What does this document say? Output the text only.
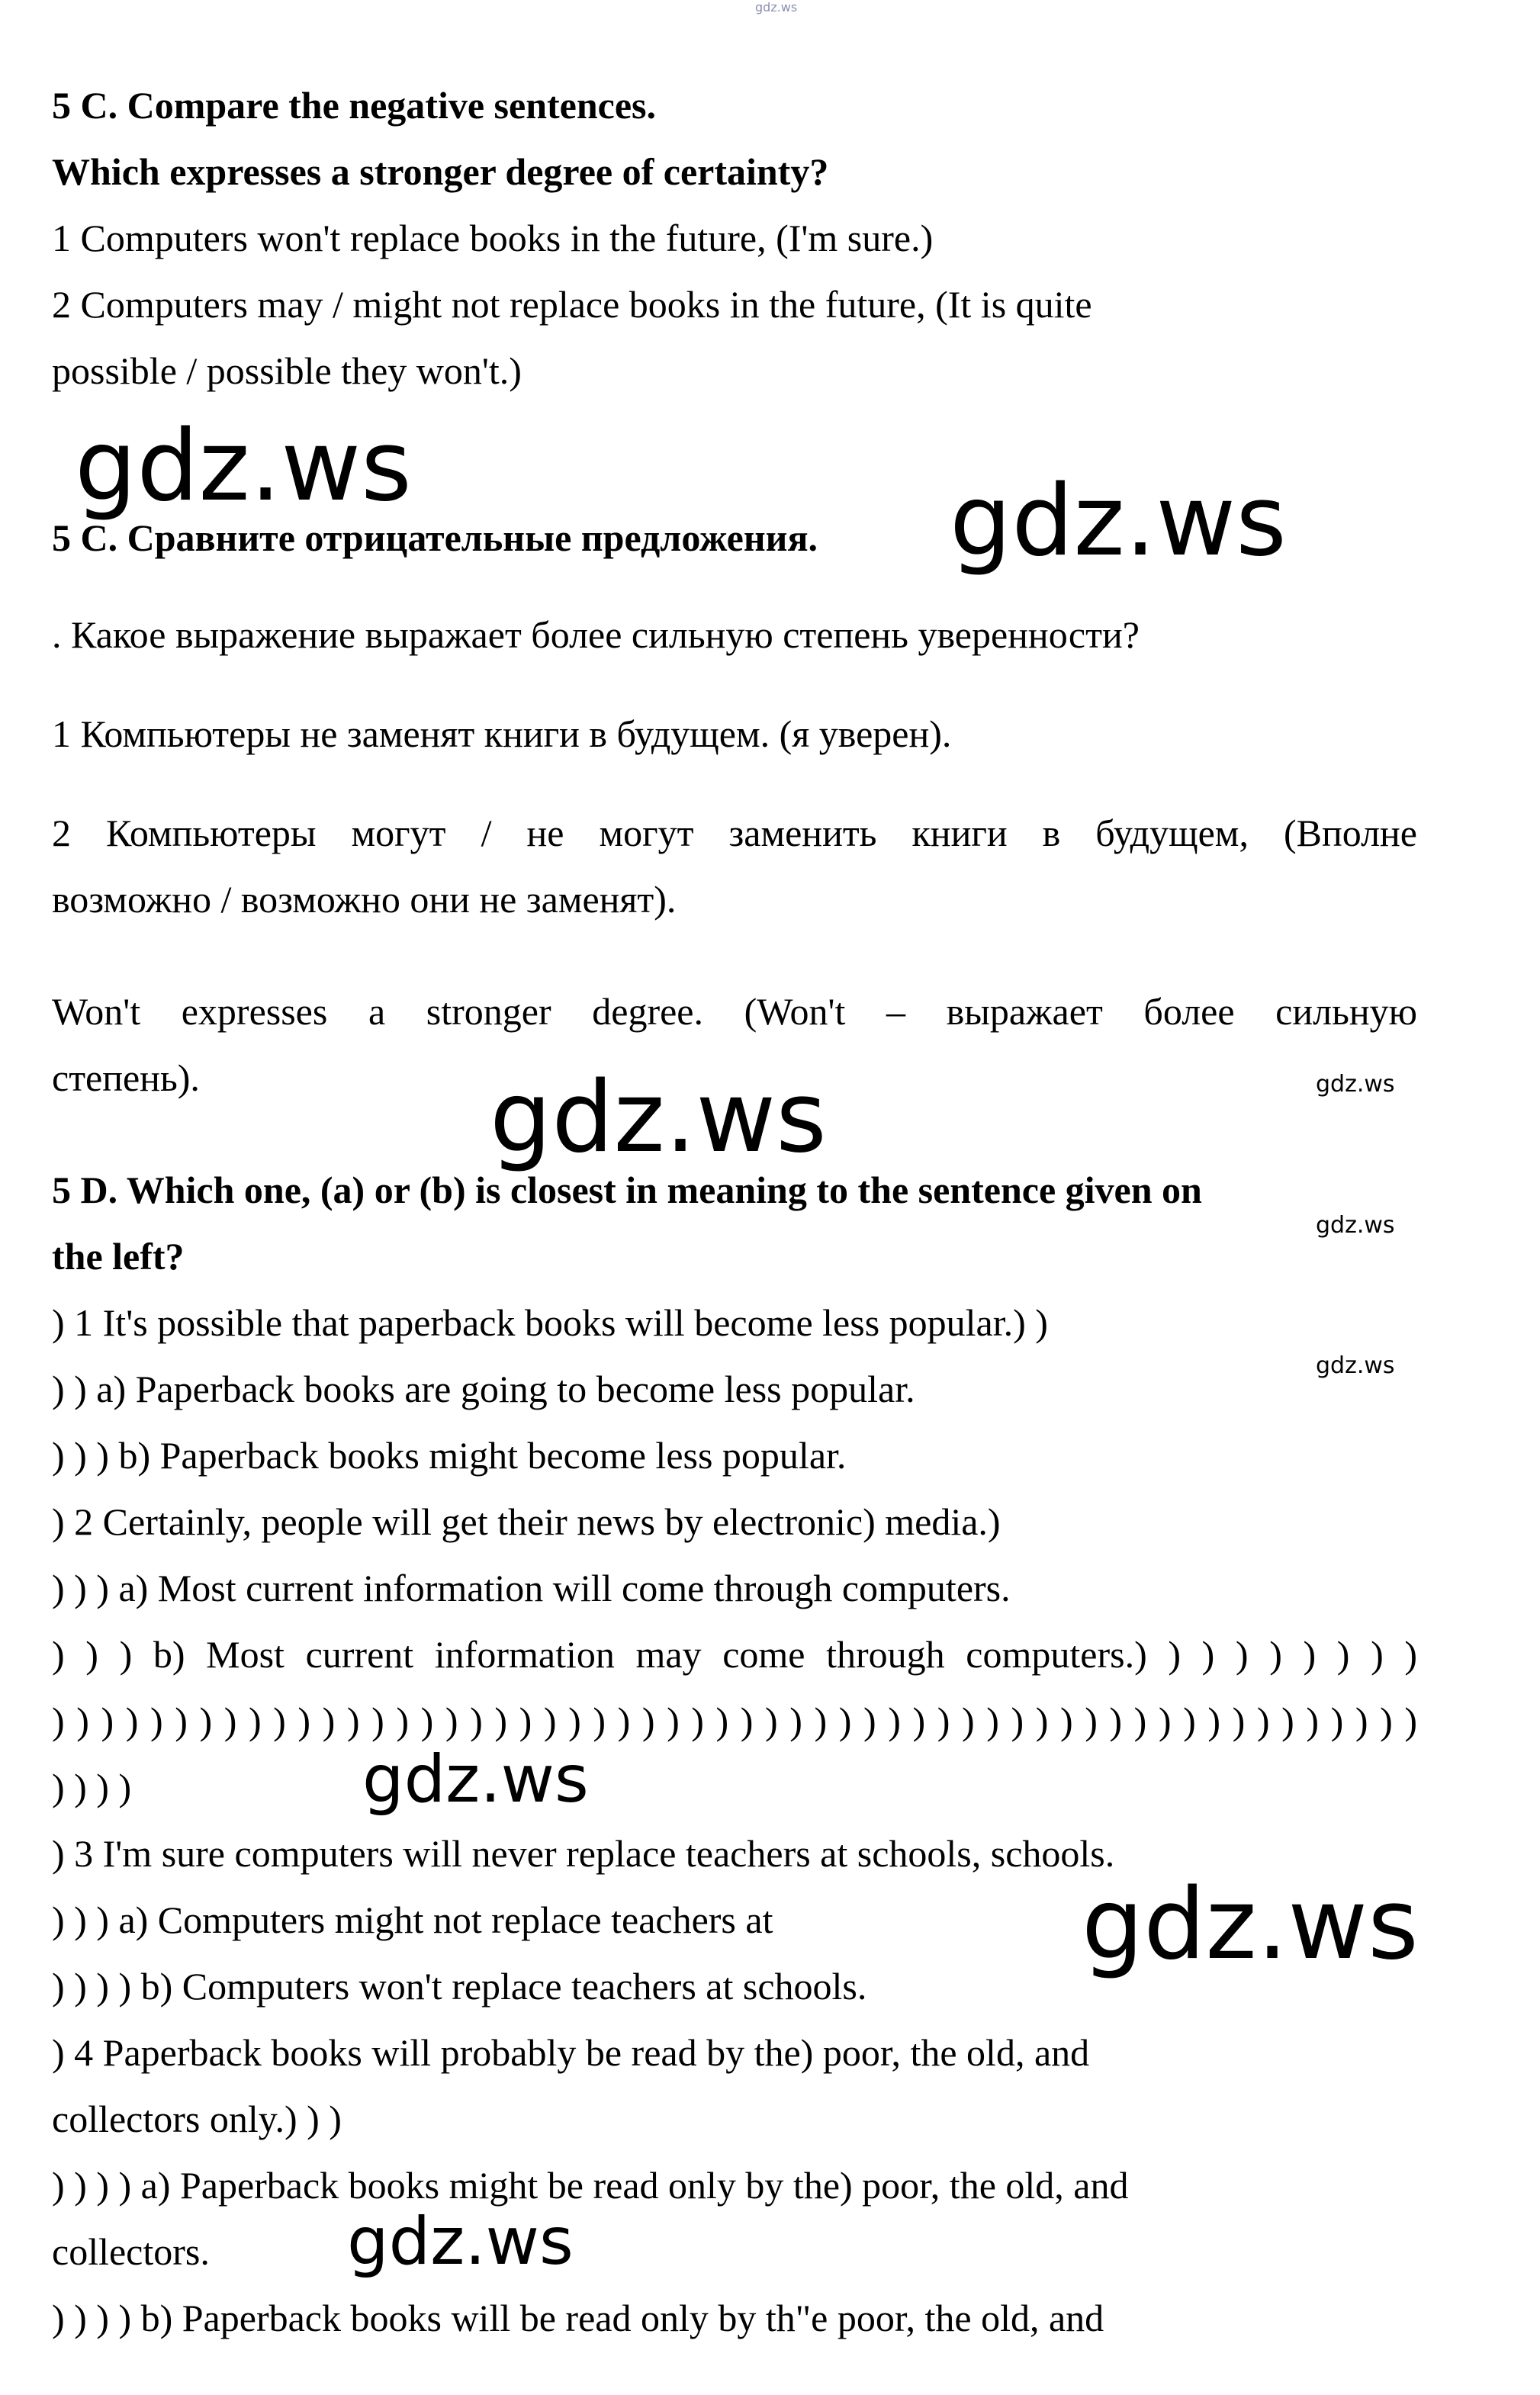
gdz.ws

5 C. Compare the negative sentences.

Which expresses a stronger degree of certainty?

1 Computers won't replace books in the future, (I'm sure.)

2 Computers may / might not replace books in the future, (It is quite

possible / possible they won't.)

gdz.ws

5 С. Сравните отрицательные предложения. gdz.ws

. Какое выражение выражает более сильную степень уверенности?

1 Компьютеры не заменят книги в будущем. (я уверен).

2 Компьютеры могут / не могут заменить книги в будущем, (Вполне

возможно / возможно они не заменят).

Won't expresses a stronger degree. (Won't – выражает более сильную

степень).	gdz.ws
gdz.ws

5 D. Which one, (a) or (b) is closest in meaning to the sentence given on

gdz.ws

the left?

) 1 It's possible that paperback books will become less popular.) )

gdz.ws

) ) a) Paperback books are going to become less popular.

) ) ) b) Paperback books might become less popular.

) 2 Certainly, people will get their news by electronic) media.)

) ) ) a) Most current information will come through computers.

) ) ) b) Most current information may come through computers.) ) ) ) ) ) ) ) )

) ) ) ) ) ) ) ) ) ) ) ) ) ) ) ) ) ) ) ) ) ) ) ) ) ) ) ) ) ) ) ) ) ) ) ) ) ) ) ) ) ) ) ) ) ) ) ) ) ) ) ) ) ) ) )

) ) ) )	gdz.ws

) 3 I'm sure computers will never replace teachers at schools, schools.

) ) ) a) Computers might not replace teachers at	gdz.ws

) ) ) ) b) Computers won't replace teachers at schools.

) 4 Paperback books will probably be read by the) poor, the old, and

collectors only.) ) )

) ) ) ) a) Paperback books might be read only by the) poor, the old, and

collectors. gdz.ws

) ) ) ) b) Paperback books will be read only by th"e poor, the old, and
